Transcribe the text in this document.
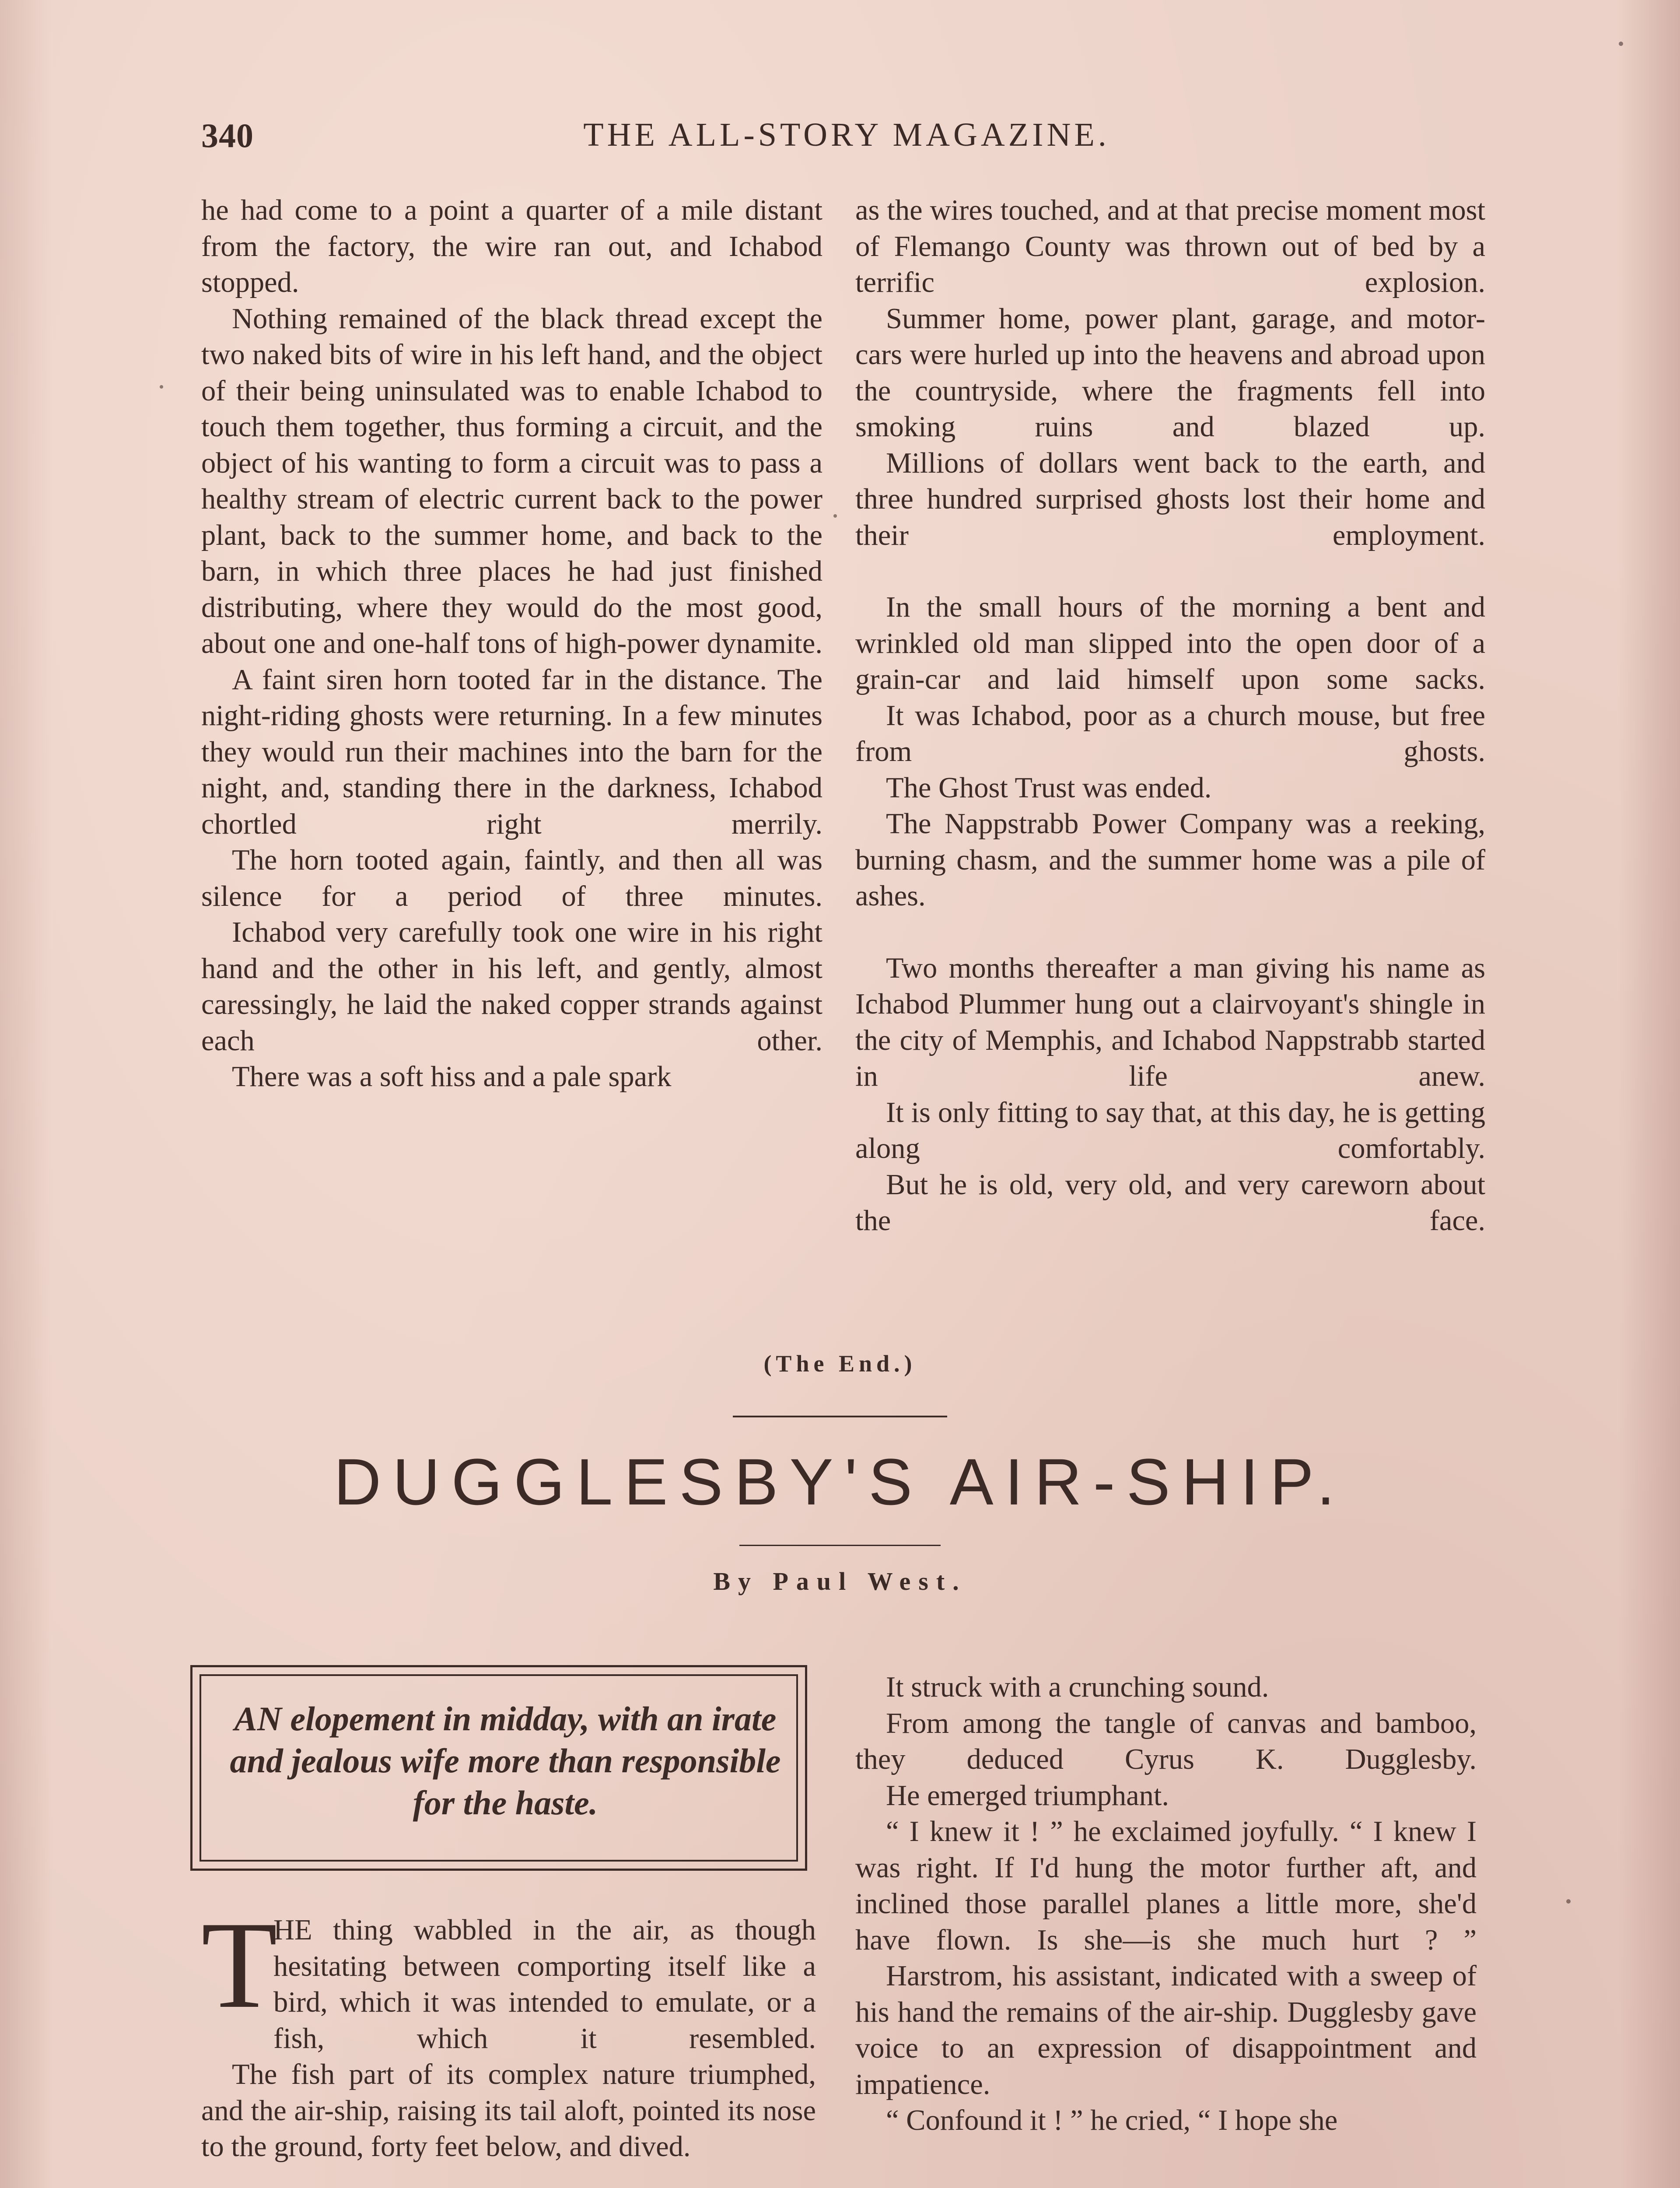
340	THE ALL-STORY MAGAZINE.

he had come to a point a quarter of a mile distant from the factory, the wire ran out, and Ichabod stopped.

Nothing remained of the black thread except the two naked bits of wire in his left hand, and the object of their being uninsulated was to enable Ichabod to touch them together, thus forming a circuit, and the object of his wanting to form a circuit was to pass a healthy stream of electric current back to the power plant, back to the summer home, and back to the barn, in which three places he had just finished distributing, where they would do the most good, about one and one-half tons of high-power dynamite.

A faint siren horn tooted far in the distance. The night-riding ghosts were returning. In a few minutes they would run their machines into the barn for the night, and, standing there in the darkness, Ichabod chortled right merrily.

The horn tooted again, faintly, and then all was silence for a period of three minutes.

Ichabod very carefully took one wire in his right hand and the other in his left, and gently, almost caressingly, he laid the naked copper strands against each other.

There was a soft hiss and a pale spark

as the wires touched, and at that precise moment most of Flemango County was thrown out of bed by a terrific explosion.

Summer home, power plant, garage, and motor-cars were hurled up into the heavens and abroad upon the countryside, where the fragments fell into smoking ruins and blazed up.

Millions of dollars went back to the earth, and three hundred surprised ghosts lost their home and their employment.

In the small hours of the morning a bent and wrinkled old man slipped into the open door of a grain-car and laid himself upon some sacks.

It was Ichabod, poor as a church mouse, but free from ghosts.

The Ghost Trust was ended.

The Nappstrabb Power Company was a reeking, burning chasm, and the summer home was a pile of ashes.

Two months thereafter a man giving his name as Ichabod Plummer hung out a clairvoyant's shingle in the city of Memphis, and Ichabod Nappstrabb started in life anew.

It is only fitting to say that, at this day, he is getting along comfortably.

But he is old, very old, and very careworn about the face.

(The End.)
DUGGLESBY'S AIR-SHIP.
By Paul West.
AN elopement in midday, with an irate and jealous wife more than responsible for the haste.
T

HE thing wabbled in the air, as though hesitating between comporting itself like a bird, which it was intended to emulate, or a fish, which it resembled.

The fish part of its complex nature triumphed, and the air-ship, raising its tail aloft, pointed its nose to the ground, forty feet below, and dived.

It struck with a crunching sound.

From among the tangle of canvas and bamboo, they deduced Cyrus K. Dugglesby.

He emerged triumphant.

“ I knew it ! ” he exclaimed joyfully. “ I knew I was right. If I'd hung the motor further aft, and inclined those parallel planes a little more, she'd have flown. Is she—is she much hurt ? ”

Harstrom, his assistant, indicated with a sweep of his hand the remains of the air-ship. Dugglesby gave voice to an expression of disappointment and impatience.

“ Confound it ! ” he cried, “ I hope she
